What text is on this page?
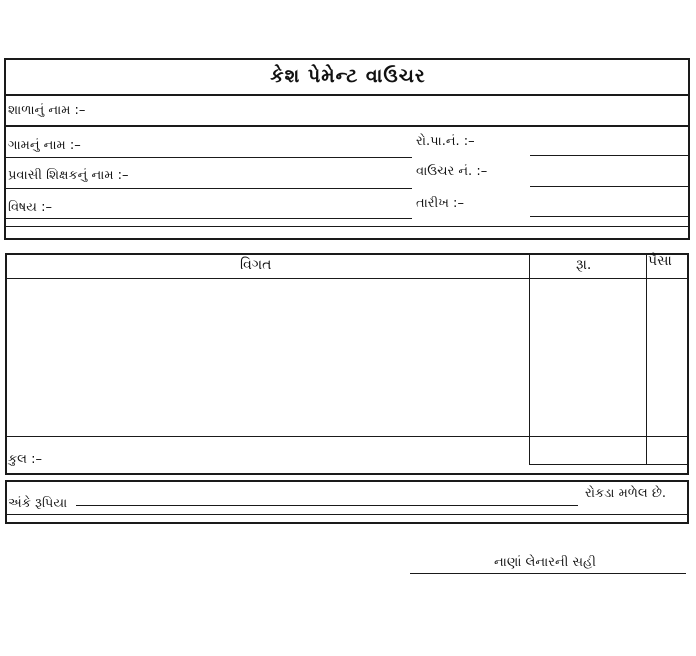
કેશ પેમેન્ટ વાઉચર
શાળાનું નામ :–
ગામનું નામ :–
પ્રવાસી શિક્ષકનું નામ :–
વિષય :–
રો.પા.નં. :–
વાઉચર નં. :–
તારીખ :–
વિગત	રૂા.	પૈસા
કુલ :–
અંકે રૂપિયા
રોકડા મળેલ છે.
નાણાં લેનારની સહી
